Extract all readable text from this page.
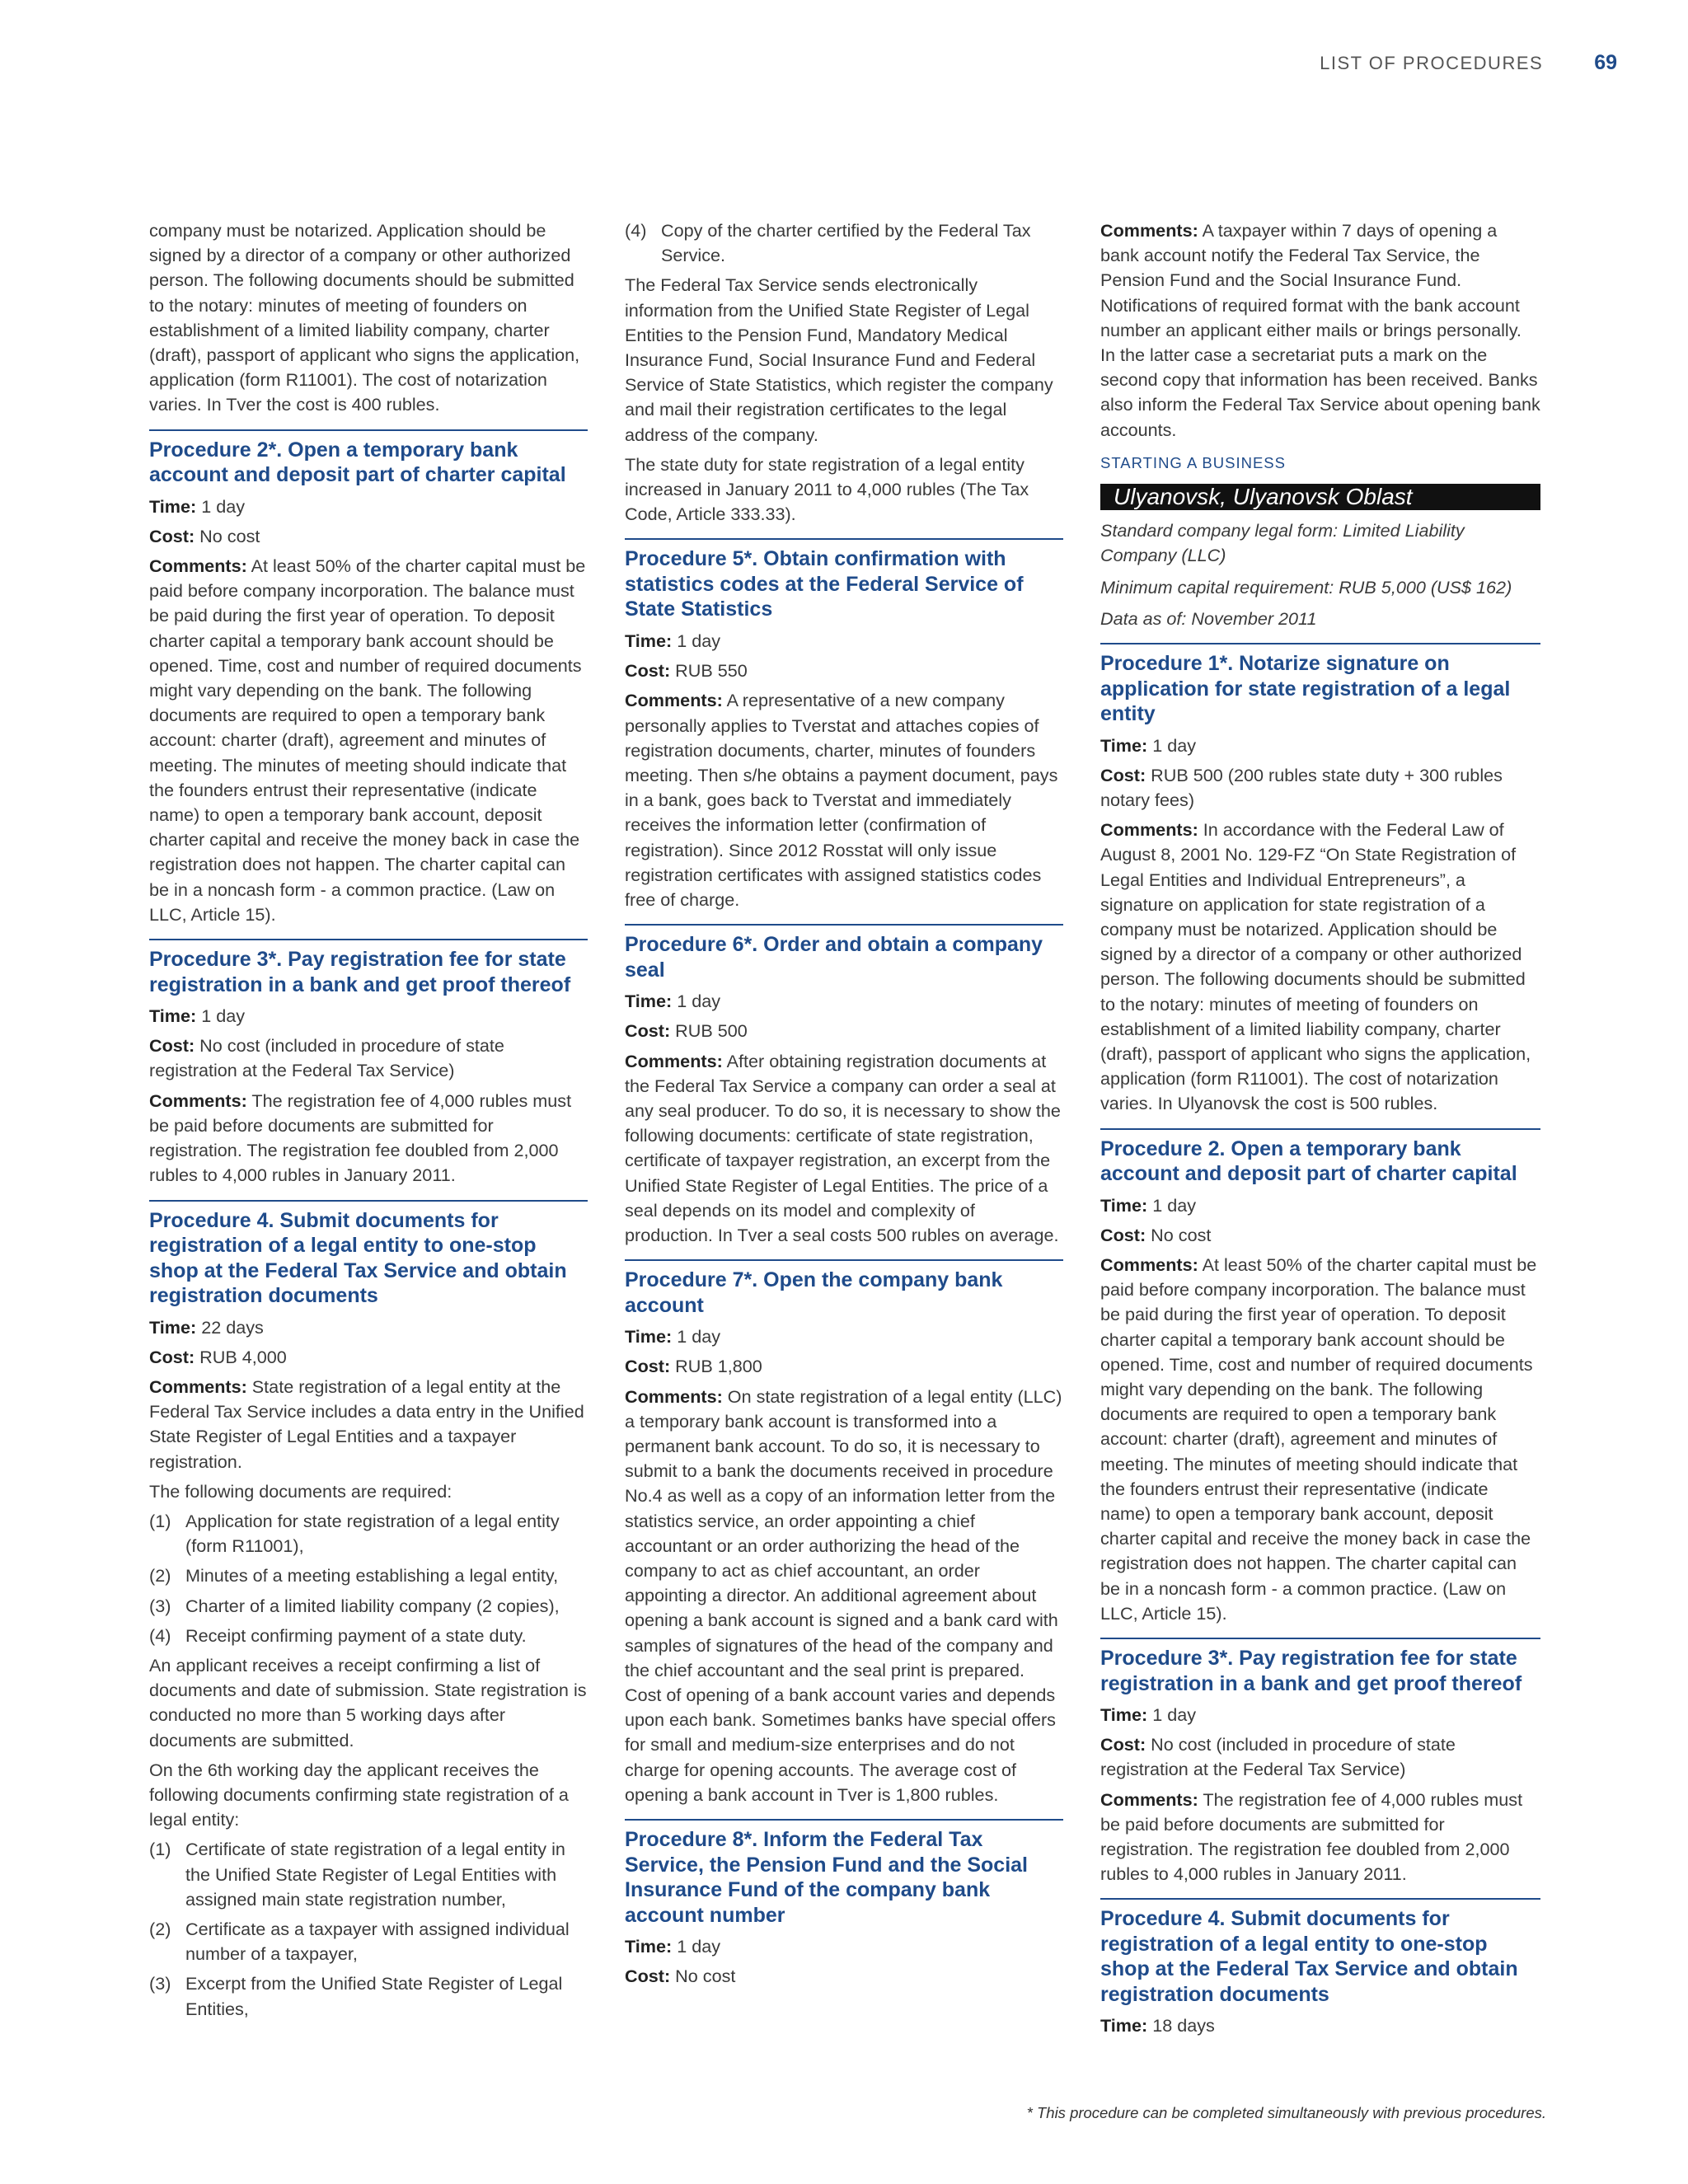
LIST OF PROCEDURES 69

company must be notarized. Application should be signed by a director of a company or other authorized person. The following documents should be submitted to the notary: minutes of meeting of founders on establishment of a limited liability company, charter (draft), passport of applicant who signs the application, application (form R11001). The cost of notarization varies. In Tver the cost is 400 rubles.

Procedure 2*. Open a temporary bank account and deposit part of charter capital

Time: 1 day

Cost: No cost

Comments: At least 50% of the charter capital must be paid before company incorporation. The balance must be paid during the first year of operation. To deposit charter capital a temporary bank account should be opened. Time, cost and number of required documents might vary depending on the bank. The following documents are required to open a temporary bank account: charter (draft), agreement and minutes of meeting. The minutes of meeting should indicate that the founders entrust their representative (indicate name) to open a temporary bank account, deposit charter capital and receive the money back in case the registration does not happen. The charter capital can be in a noncash form - a common practice. (Law on LLC, Article 15).

Procedure 3*. Pay registration fee for state registration in a bank and get proof thereof

Time: 1 day

Cost: No cost (included in procedure of state registration at the Federal Tax Service)

Comments: The registration fee of 4,000 rubles must be paid before documents are submitted for registration. The registration fee doubled from 2,000 rubles to 4,000 rubles in January 2011.

Procedure 4. Submit documents for registration of a legal entity to one-stop shop at the Federal Tax Service and obtain registration documents

Time: 22 days

Cost: RUB 4,000

Comments: State registration of a legal entity at the Federal Tax Service includes a data entry in the Unified State Register of Legal Entities and a taxpayer registration.

The following documents are required:

(1) Application for state registration of a legal entity (form R11001),
(2) Minutes of a meeting establishing a legal entity,
(3) Charter of a limited liability company (2 copies),
(4) Receipt confirming payment of a state duty.

An applicant receives a receipt confirming a list of documents and date of submission. State registration is conducted no more than 5 working days after documents are submitted.

On the 6th working day the applicant receives the following documents confirming state registration of a legal entity:

(1) Certificate of state registration of a legal entity in the Unified State Register of Legal Entities with assigned main state registration number,
(2) Certificate as a taxpayer with assigned individual number of a taxpayer,
(3) Excerpt from the Unified State Register of Legal Entities,
(4) Copy of the charter certified by the Federal Tax Service.

The Federal Tax Service sends electronically information from the Unified State Register of Legal Entities to the Pension Fund, Mandatory Medical Insurance Fund, Social Insurance Fund and Federal Service of State Statistics, which register the company and mail their registration certificates to the legal address of the company.

The state duty for state registration of a legal entity increased in January 2011 to 4,000 rubles (The Tax Code, Article 333.33).

Procedure 5*. Obtain confirmation with statistics codes at the Federal Service of State Statistics

Time: 1 day

Cost: RUB 550

Comments: A representative of a new company personally applies to Tverstat and attaches copies of registration documents, charter, minutes of founders meeting. Then s/he obtains a payment document, pays in a bank, goes back to Tverstat and immediately receives the information letter (confirmation of registration). Since 2012 Rosstat will only issue registration certificates with assigned statistics codes free of charge.

Procedure 6*. Order and obtain a company seal

Time: 1 day

Cost: RUB 500

Comments: After obtaining registration documents at the Federal Tax Service a company can order a seal at any seal producer. To do so, it is necessary to show the following documents: certificate of state registration, certificate of taxpayer registration, an excerpt from the Unified State Register of Legal Entities. The price of a seal depends on its model and complexity of production. In Tver a seal costs 500 rubles on average.

Procedure 7*. Open the company bank account

Time: 1 day

Cost: RUB 1,800

Comments: On state registration of a legal entity (LLC) a temporary bank account is transformed into a permanent bank account. To do so, it is necessary to submit to a bank the documents received in procedure No.4 as well as a copy of an information letter from the statistics service, an order appointing a chief accountant or an order authorizing the head of the company to act as chief accountant, an order appointing a director. An additional agreement about opening a bank account is signed and a bank card with samples of signatures of the head of the company and the chief accountant and the seal print is prepared. Cost of opening of a bank account varies and depends upon each bank. Sometimes banks have special offers for small and medium-size enterprises and do not charge for opening accounts. The average cost of opening a bank account in Tver is 1,800 rubles.

Procedure 8*. Inform the Federal Tax Service, the Pension Fund and the Social Insurance Fund of the company bank account number

Time: 1 day

Cost: No cost

Comments: A taxpayer within 7 days of opening a bank account notify the Federal Tax Service, the Pension Fund and the Social Insurance Fund. Notifications of required format with the bank account number an applicant either mails or brings personally. In the latter case a secretariat puts a mark on the second copy that information has been received. Banks also inform the Federal Tax Service about opening bank accounts.

STARTING A BUSINESS
Ulyanovsk, Ulyanovsk Oblast

Standard company legal form: Limited Liability Company (LLC)

Minimum capital requirement: RUB 5,000 (US$ 162)

Data as of: November 2011

Procedure 1*. Notarize signature on application for state registration of a legal entity

Time: 1 day

Cost: RUB 500 (200 rubles state duty + 300 rubles notary fees)

Comments: In accordance with the Federal Law of August 8, 2001 No. 129-FZ “On State Registration of Legal Entities and Individual Entrepreneurs”, a signature on application for state registration of a company must be notarized. Application should be signed by a director of a company or other authorized person. The following documents should be submitted to the notary: minutes of meeting of founders on establishment of a limited liability company, charter (draft), passport of applicant who signs the application, application (form R11001). The cost of notarization varies. In Ulyanovsk the cost is 500 rubles.

Procedure 2. Open a temporary bank account and deposit part of charter capital

Time: 1 day

Cost: No cost

Comments: At least 50% of the charter capital must be paid before company incorporation. The balance must be paid during the first year of operation. To deposit charter capital a temporary bank account should be opened. Time, cost and number of required documents might vary depending on the bank. The following documents are required to open a temporary bank account: charter (draft), agreement and minutes of meeting. The minutes of meeting should indicate that the founders entrust their representative (indicate name) to open a temporary bank account, deposit charter capital and receive the money back in case the registration does not happen. The charter capital can be in a noncash form - a common practice. (Law on LLC, Article 15).

Procedure 3*. Pay registration fee for state registration in a bank and get proof thereof

Time: 1 day

Cost: No cost (included in procedure of state registration at the Federal Tax Service)

Comments: The registration fee of 4,000 rubles must be paid before documents are submitted for registration. The registration fee doubled from 2,000 rubles to 4,000 rubles in January 2011.

Procedure 4. Submit documents for registration of a legal entity to one-stop shop at the Federal Tax Service and obtain registration documents

Time: 18 days

* This procedure can be completed simultaneously with previous procedures.
